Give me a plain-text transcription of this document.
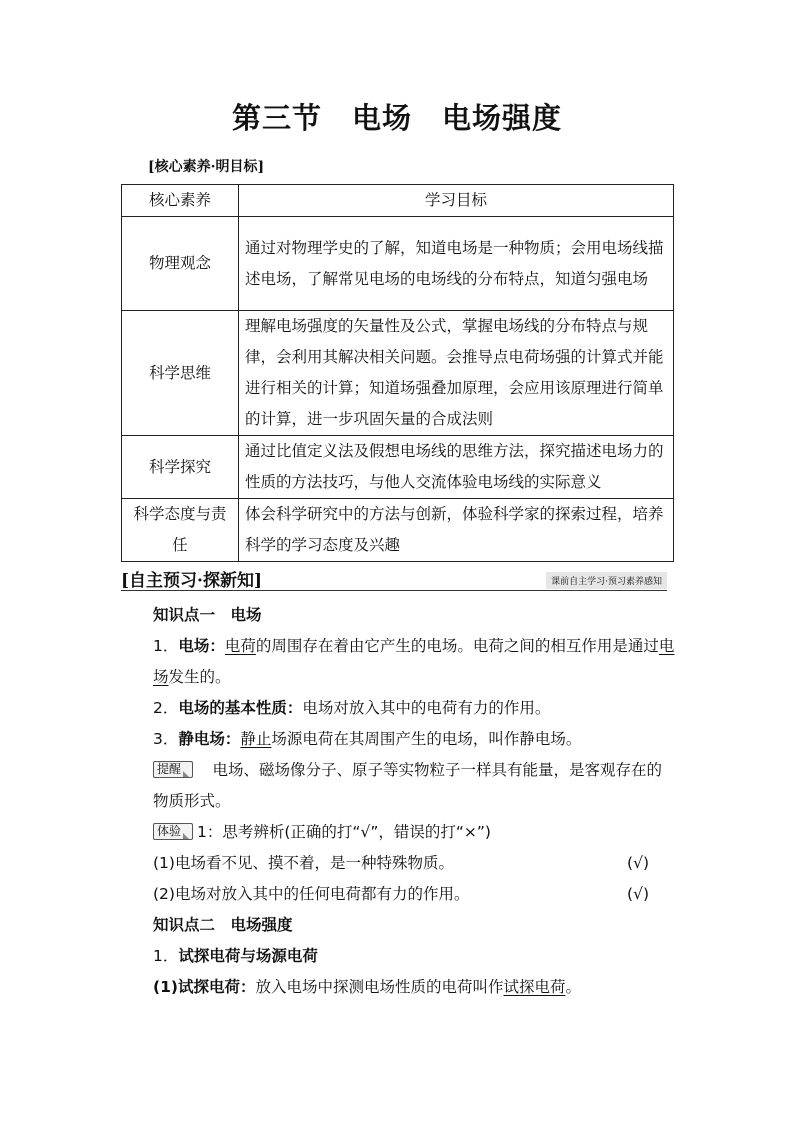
第三节　电场　电场强度
[核心素养·明目标]
核心素养	学习目标
物理观念	通过对物理学史的了解，知道电场是一种物质；会用电场线描述电场，了解常见电场的电场线的分布特点，知道匀强电场
科学思维	理解电场强度的矢量性及公式，掌握电场线的分布特点与规律，会利用其解决相关问题。会推导点电荷场强的计算式并能进行相关的计算；知道场强叠加原理，会应用该原理进行简单的计算，进一步巩固矢量的合成法则
科学探究	通过比值定义法及假想电场线的思维方法，探究描述电场力的性质的方法技巧，与他人交流体验电场线的实际意义
科学态度与责任	体会科学研究中的方法与创新，体验科学家的探索过程，培养科学的学习态度及兴趣
[自主预习·探新知]	课前自主学习·预习素养感知
知识点一　电场
1．电场：电荷的周围存在着由它产生的电场。电荷之间的相互作用是通过电场发生的。
2．电场的基本性质：电场对放入其中的电荷有力的作用。
3．静电场：静止场源电荷在其周围产生的电场，叫作静电场。
提醒　电场、磁场像分子、原子等实物粒子一样具有能量，是客观存在的物质形式。
体验 1：思考辨析(正确的打“√”，错误的打“×”)
(1)电场看不见、摸不着，是一种特殊物质。	(√)
(2)电场对放入其中的任何电荷都有力的作用。	(√)
知识点二　电场强度
1．试探电荷与场源电荷
(1)试探电荷：放入电场中探测电场性质的电荷叫作试探电荷。
